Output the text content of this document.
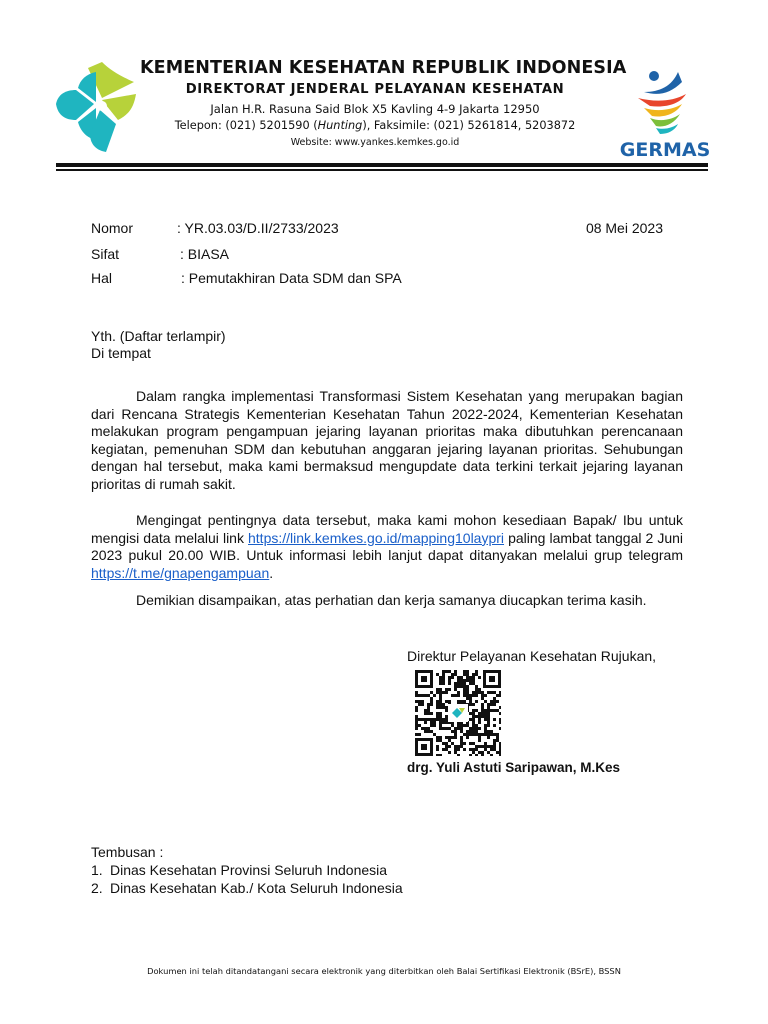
KEMENTERIAN KESEHATAN REPUBLIK INDONESIA
DIREKTORAT JENDERAL PELAYANAN KESEHATAN
Jalan H.R. Rasuna Said Blok X5 Kavling 4-9 Jakarta 12950
Telepon: (021) 5201590 (Hunting), Faksimile: (021) 5261814, 5203872
Website: www.yankes.kemkes.go.id	GERMAS
Nomor	: YR.03.03/D.II/2733/2023	08 Mei 2023
Sifat	: BIASA
Hal	: Pemutakhiran Data SDM dan SPA
Yth. (Daftar terlampir)
Di tempat
Dalam rangka implementasi Transformasi Sistem Kesehatan yang merupakan bagian dari Rencana Strategis Kementerian Kesehatan Tahun 2022-2024, Kementerian Kesehatan melakukan program pengampuan jejaring layanan prioritas maka dibutuhkan perencanaan kegiatan, pemenuhan SDM dan kebutuhan anggaran jejaring layanan prioritas. Sehubungan dengan hal tersebut, maka kami bermaksud mengupdate data terkini terkait jejaring layanan prioritas di rumah sakit.
Mengingat pentingnya data tersebut, maka kami mohon kesediaan Bapak/ Ibu untuk mengisi data melalui link https://link.kemkes.go.id/mapping10laypri paling lambat tanggal 2 Juni 2023 pukul 20.00 WIB. Untuk informasi lebih lanjut dapat ditanyakan melalui grup telegram https://t.me/gnapengampuan.
Demikian disampaikan, atas perhatian dan kerja samanya diucapkan terima kasih.
Direktur Pelayanan Kesehatan Rujukan,
drg. Yuli Astuti Saripawan, M.Kes
Tembusan :
1. Dinas Kesehatan Provinsi Seluruh Indonesia
2. Dinas Kesehatan Kab./ Kota Seluruh Indonesia
Dokumen ini telah ditandatangani secara elektronik yang diterbitkan oleh Balai Sertifikasi Elektronik (BSrE), BSSN
